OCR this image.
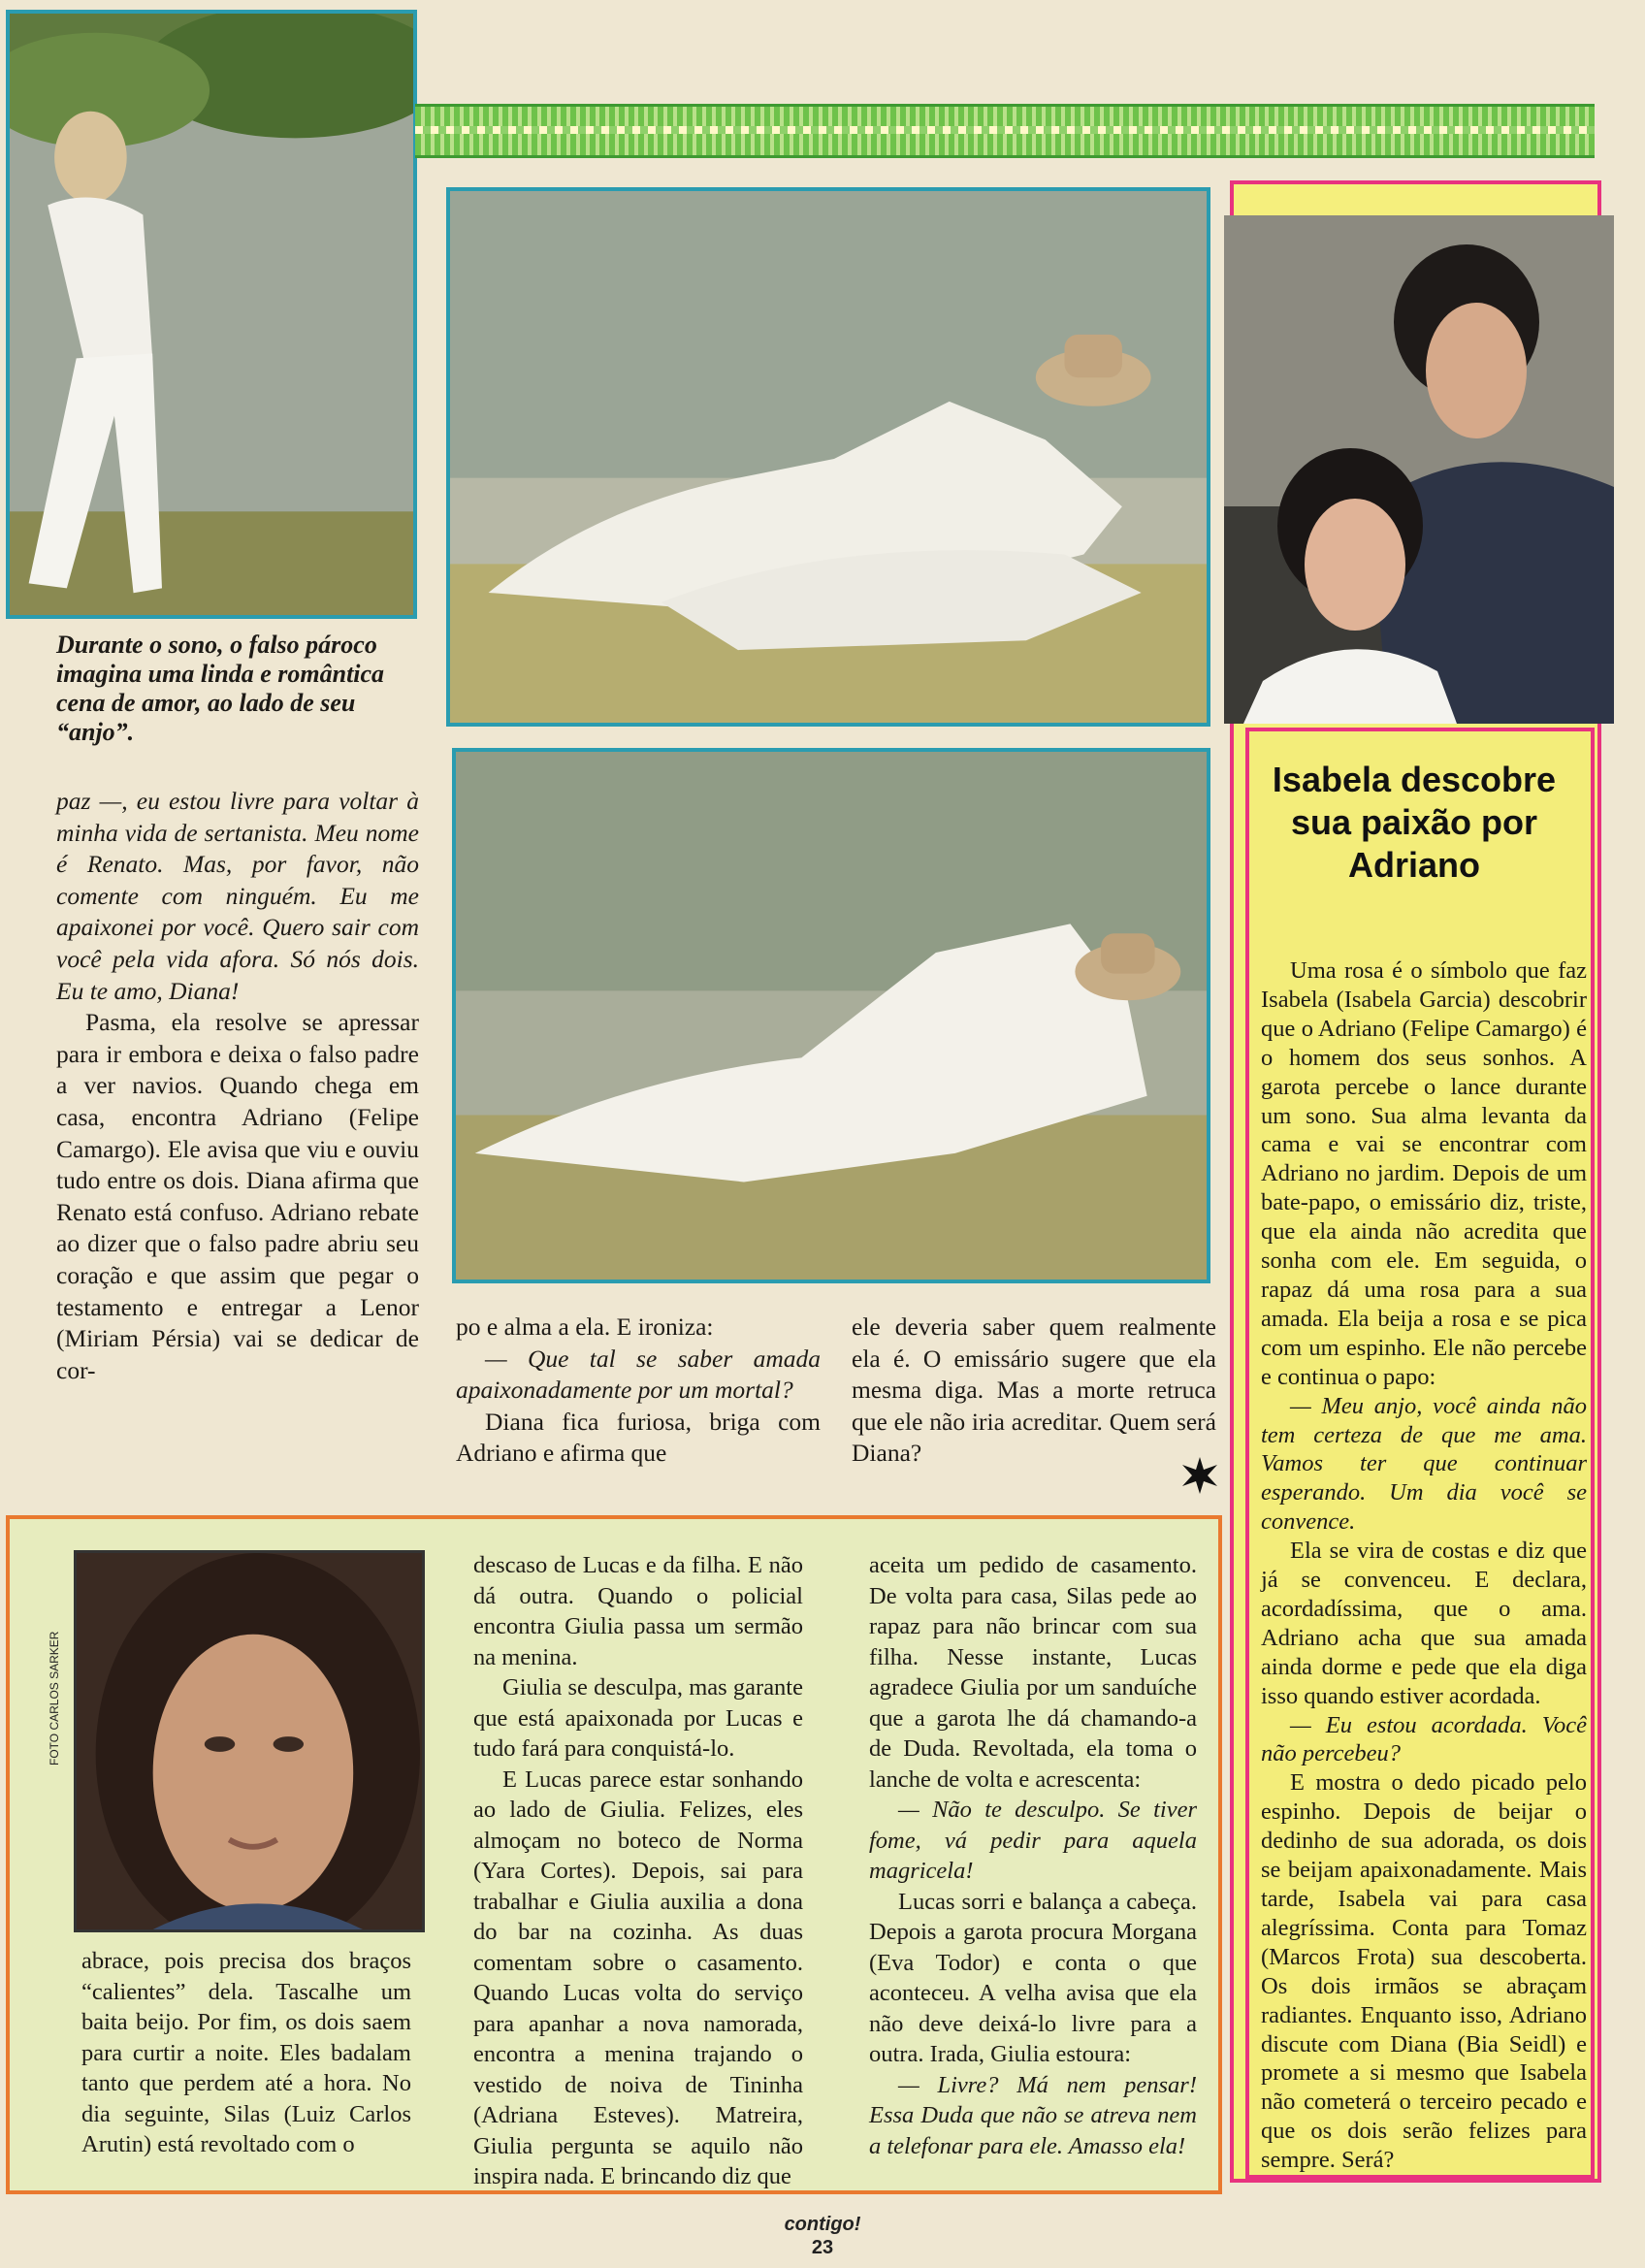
Durante o sono, o falso pároco imagina uma linda e romântica cena de amor, ao lado de seu “anjo”.

paz —, eu estou livre para voltar à minha vida de sertanista. Meu nome é Renato. Mas, por favor, não comente com ninguém. Eu me apaixonei por você. Quero sair com você pela vida afora. Só nós dois. Eu te amo, Diana!

Pasma, ela resolve se apressar para ir embora e deixa o falso padre a ver navios. Quando chega em casa, encontra Adriano (Felipe Camargo). Ele avisa que viu e ouviu tudo entre os dois. Diana afirma que Renato está confuso. Adriano rebate ao dizer que o falso padre abriu seu coração e que assim que pegar o testamento e entregar a Lenor (Miriam Pérsia) vai se dedicar de cor-

po e alma a ela. E ironiza:

— Que tal se saber amada apaixonadamente por um mortal?

Diana fica furiosa, briga com Adriano e afirma que

ele deveria saber quem realmente ela é. O emissário sugere que ela mesma diga. Mas a morte retruca que ele não iria acreditar. Quem será Diana?

Isabela descobre sua paixão por Adriano

Uma rosa é o símbolo que faz Isabela (Isabela Garcia) descobrir que o Adriano (Felipe Camargo) é o homem dos seus sonhos. A garota percebe o lance durante um sono. Sua alma levanta da cama e vai se encontrar com Adriano no jardim. Depois de um bate-papo, o emissário diz, triste, que ela ainda não acredita que sonha com ele. Em seguida, o rapaz dá uma rosa para a sua amada. Ela beija a rosa e se pica com um espinho. Ele não percebe e continua o papo:

— Meu anjo, você ainda não tem certeza de que me ama. Vamos ter que continuar esperando. Um dia você se convence.

Ela se vira de costas e diz que já se convenceu. E declara, acordadíssima, que o ama. Adriano acha que sua amada ainda dorme e pede que ela diga isso quando estiver acordada.

— Eu estou acordada. Você não percebeu?

E mostra o dedo picado pelo espinho. Depois de beijar o dedinho de sua adorada, os dois se beijam apaixonadamente. Mais tarde, Isabela vai para casa alegríssima. Conta para Tomaz (Marcos Frota) sua descoberta. Os dois irmãos se abraçam radiantes. Enquanto isso, Adriano discute com Diana (Bia Seidl) e promete a si mesmo que Isabela não cometerá o terceiro pecado e que os dois serão felizes para sempre. Será?

FOTO CARLOS SARKER

abrace, pois precisa dos braços “calientes” dela. Tascalhe um baita beijo. Por fim, os dois saem para curtir a noite. Eles badalam tanto que perdem até a hora. No dia seguinte, Silas (Luiz Carlos Arutin) está revoltado com o

descaso de Lucas e da filha. E não dá outra. Quando o policial encontra Giulia passa um sermão na menina.

Giulia se desculpa, mas garante que está apaixonada por Lucas e tudo fará para conquistá-lo.

E Lucas parece estar sonhando ao lado de Giulia. Felizes, eles almoçam no boteco de Norma (Yara Cortes). Depois, sai para trabalhar e Giulia auxilia a dona do bar na cozinha. As duas comentam sobre o casamento. Quando Lucas volta do serviço para apanhar a nova namorada, encontra a menina trajando o vestido de noiva de Tininha (Adriana Esteves). Matreira, Giulia pergunta se aquilo não inspira nada. E brincando diz que

aceita um pedido de casamento. De volta para casa, Silas pede ao rapaz para não brincar com sua filha. Nesse instante, Lucas agradece Giulia por um sanduíche que a garota lhe dá chamando-a de Duda. Revoltada, ela toma o lanche de volta e acrescenta:

— Não te desculpo. Se tiver fome, vá pedir para aquela magricela!

Lucas sorri e balança a cabeça. Depois a garota procura Morgana (Eva Todor) e conta o que aconteceu. A velha avisa que ela não deve deixá-lo livre para a outra. Irada, Giulia estoura:

— Livre? Má nem pensar! Essa Duda que não se atreva nem a telefonar para ele. Amasso ela!

contigo!
23
